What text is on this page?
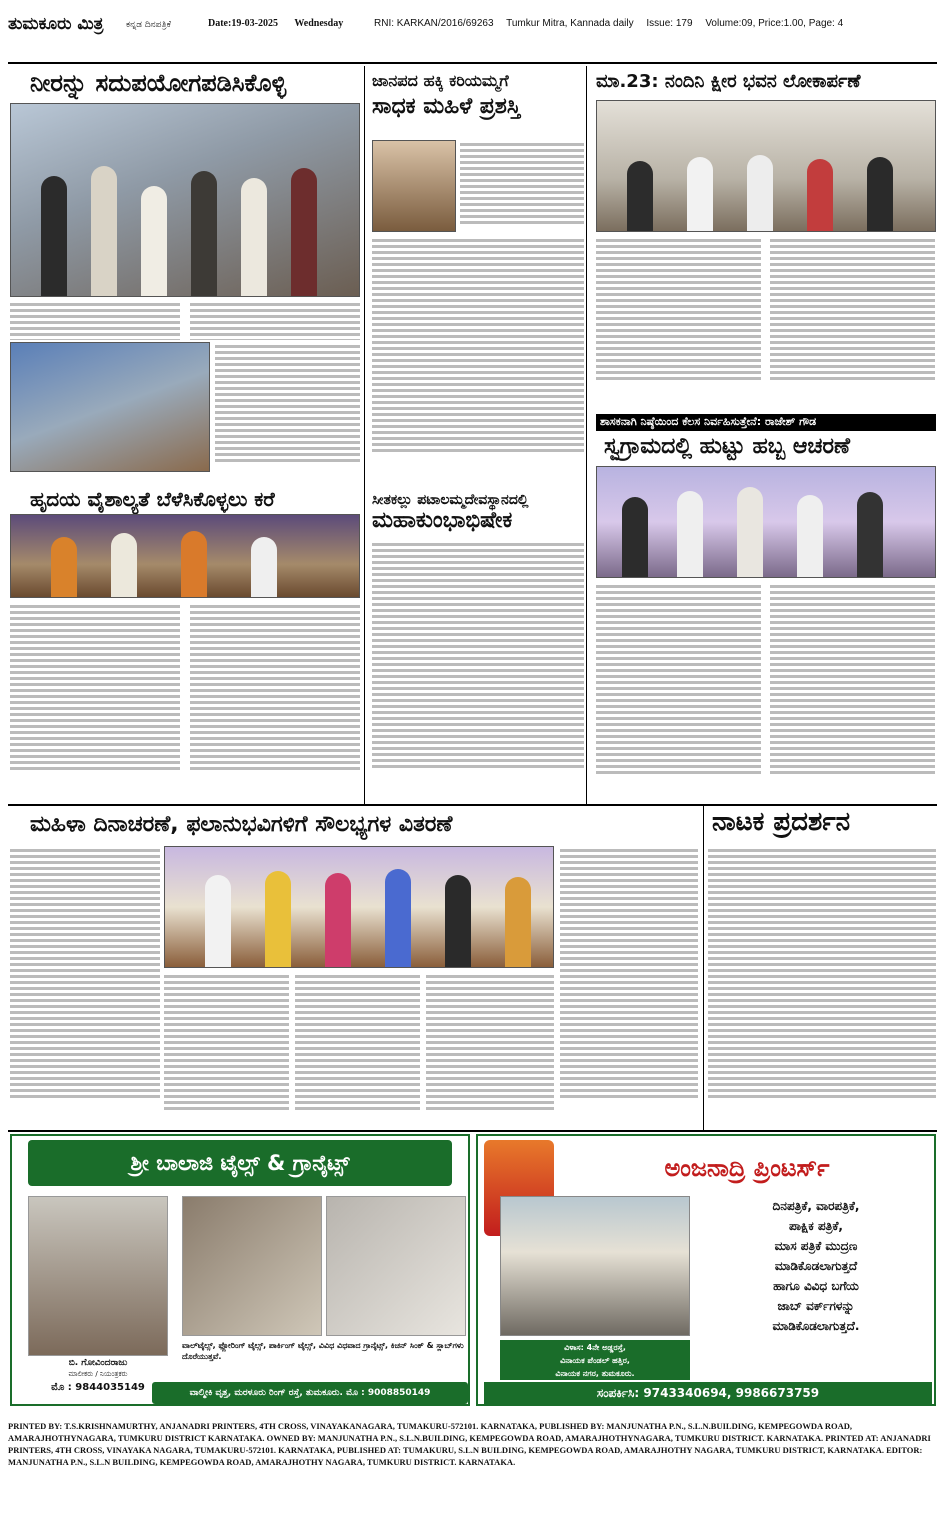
ತುಮಕೂರು ಮಿತ್ರ	ಕನ್ನಡ ದಿನಪತ್ರಿಕೆ	Date:19-03-2025 Wednesday	RNI: KARKAN/2016/69263 Tumkur Mitra, Kannada daily Issue: 179 Volume:09, Price:1.00, Page: 4
ನೀರನ್ನು ಸದುಪಯೋಗಪಡಿಸಿಕೊಳ್ಳಿ	ಜಾನಪದ ಹಕ್ಕಿ ಕರಿಯಮ್ಮಗೆ
ಸಾಧಕ ಮಹಿಳೆ ಪ್ರಶಸ್ತಿ
ಮಾ.23: ನಂದಿನಿ ಕ್ಷೀರ ಭವನ ಲೋಕಾರ್ಪಣೆ
ಶಾಸಕನಾಗಿ ನಿಷ್ಠೆಯಿಂದ ಕೆಲಸ ನಿರ್ವಹಿಸುತ್ತೇನೆ: ರಾಜೇಶ್ ಗೌಡ
ಸ್ವಗ್ರಾಮದಲ್ಲಿ ಹುಟ್ಟು ಹಬ್ಬ ಆಚರಣೆ
ಹೃದಯ ವೈಶಾಲ್ಯತೆ ಬೆಳೆಸಿಕೊಳ್ಳಲು ಕರೆ	ಸೀತಕಲ್ಲು ಪಟಾಲಮ್ಮದೇವಸ್ಥಾನದಲ್ಲಿ
ಮಹಾಕುಂಭಾಭಿಷೇಕ
ಮಹಿಳಾ ದಿನಾಚರಣೆ, ಫಲಾನುಭವಿಗಳಿಗೆ ಸೌಲಭ್ಯಗಳ ವಿತರಣೆ	ನಾಟಕ ಪ್ರದರ್ಶನ
ಶ್ರೀ ಬಾಲಾಜಿ ಟೈಲ್ಸ್ & ಗ್ರಾನೈಟ್ಸ್
ಬಿ. ಗೋವಿಂದರಾಜು
ಮಾಲೀಕರು / ನಿಯಂತ್ರಕರು
ಮೊ : 9844035149
ವಾಲ್‌ಟೈಲ್ಸ್, ಫ್ಲೋರಿಂಗ್ ಟೈಲ್ಸ್, ಪಾರ್ಕಿಂಗ್ ಟೈಲ್ಸ್, ವಿವಿಧ ವಿಧವಾದ ಗ್ರಾನೈಟ್ಸ್, ಕಿಚನ್ ಸಿಂಕ್ & ಸ್ಲಾಬ್‌ಗಳು ದೊರೆಯುತ್ತವೆ.
ವಾಲ್ಮೀಕಿ ವೃತ್ತ, ಮರಳೂರು ರಿಂಗ್ ರಸ್ತೆ, ತುಮಕೂರು. ಮೊ : 9008850149
ಅಂಜನಾದ್ರಿ ಪ್ರಿಂಟರ್ಸ್
ವಿಳಾಸ: 4ನೇ ಅಡ್ಡರಸ್ತೆ,
ವಿನಾಯಕ ಪೆಂಡಲ್ ಹತ್ತಿರ,
ವಿನಾಯಕ ನಗರ, ತುಮಕೂರು.
ದಿನಪತ್ರಿಕೆ, ವಾರಪತ್ರಿಕೆ,
ಪಾಕ್ಷಿಕ ಪತ್ರಿಕೆ,
ಮಾಸ ಪತ್ರಿಕೆ ಮುದ್ರಣ
ಮಾಡಿಕೊಡಲಾಗುತ್ತದೆ
ಹಾಗೂ ವಿವಿಧ ಬಗೆಯ
ಜಾಬ್ ವರ್ಕ್‌ಗಳನ್ನು
ಮಾಡಿಕೊಡಲಾಗುತ್ತದೆ.
ಸಂಪರ್ಕಿಸಿ: 9743340694, 9986673759
PRINTED BY: T.S.KRISHNAMURTHY, ANJANADRI PRINTERS, 4TH CROSS, VINAYAKANAGARA, TUMAKURU-572101. KARNATAKA, PUBLISHED BY: MANJUNATHA P.N., S.L.N.BUILDING, KEMPEGOWDA ROAD, AMARAJHOTHYNAGARA, TUMKURU DISTRICT KARNATAKA. OWNED BY: MANJUNATHA P.N., S.L.N.BUILDING, KEMPEGOWDA ROAD, AMARAJHOTHYNAGARA, TUMKURU DISTRICT. KARNATAKA. PRINTED AT: ANJANADRI PRINTERS, 4TH CROSS, VINAYAKA NAGARA, TUMAKURU-572101. KARNATAKA, PUBLISHED AT: TUMAKURU, S.L.N BUILDING, KEMPEGOWDA ROAD, AMARAJHOTHY NAGARA, TUMKURU DISTRICT, KARNATAKA. EDITOR: MANJUNATHA P.N., S.L.N BUILDING, KEMPEGOWDA ROAD, AMARAJHOTHY NAGARA, TUMKURU DISTRICT. KARNATAKA.
